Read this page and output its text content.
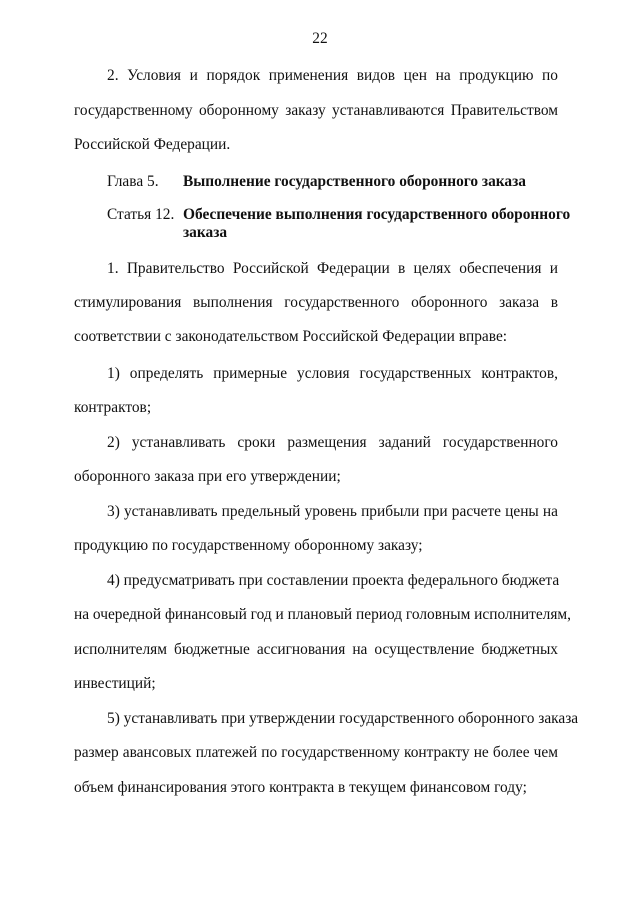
22
2. Условия и порядок применения видов цен на продукцию по
государственному оборонному заказу устанавливаются Правительством
Российской Федерации.
Глава 5. Выполнение государственного оборонного заказа
Статья 12. Обеспечение выполнения государственного оборонного
заказа
1. Правительство Российской Федерации в целях обеспечения и
стимулирования выполнения государственного оборонного заказа в
соответствии с законодательством Российской Федерации вправе:
1) определять примерные условия государственных контрактов,
контрактов;
2) устанавливать сроки размещения заданий государственного
оборонного заказа при его утверждении;
3) устанавливать предельный уровень прибыли при расчете цены на
продукцию по государственному оборонному заказу;
4) предусматривать при составлении проекта федерального бюджета
на очередной финансовый год и плановый период головным исполнителям,
исполнителям бюджетные ассигнования на осуществление бюджетных
инвестиций;
5) устанавливать при утверждении государственного оборонного заказа
размер авансовых платежей по государственному контракту не более чем
объем финансирования этого контракта в текущем финансовом году;
